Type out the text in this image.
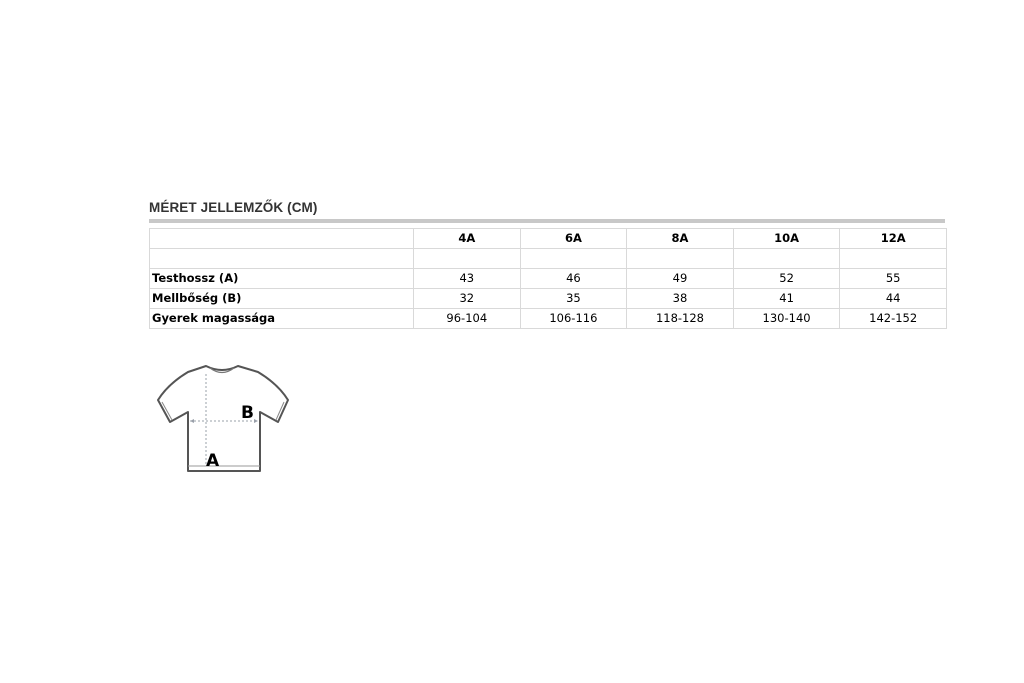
MÉRET JELLEMZŐK (CM)
	4A	6A	8A	10A	12A

Testhossz (A)	43	46	49	52	55
Mellbőség (B)	32	35	38	41	44
Gyerek magassága	96-104	106-116	118-128	130-140	142-152
A
B
